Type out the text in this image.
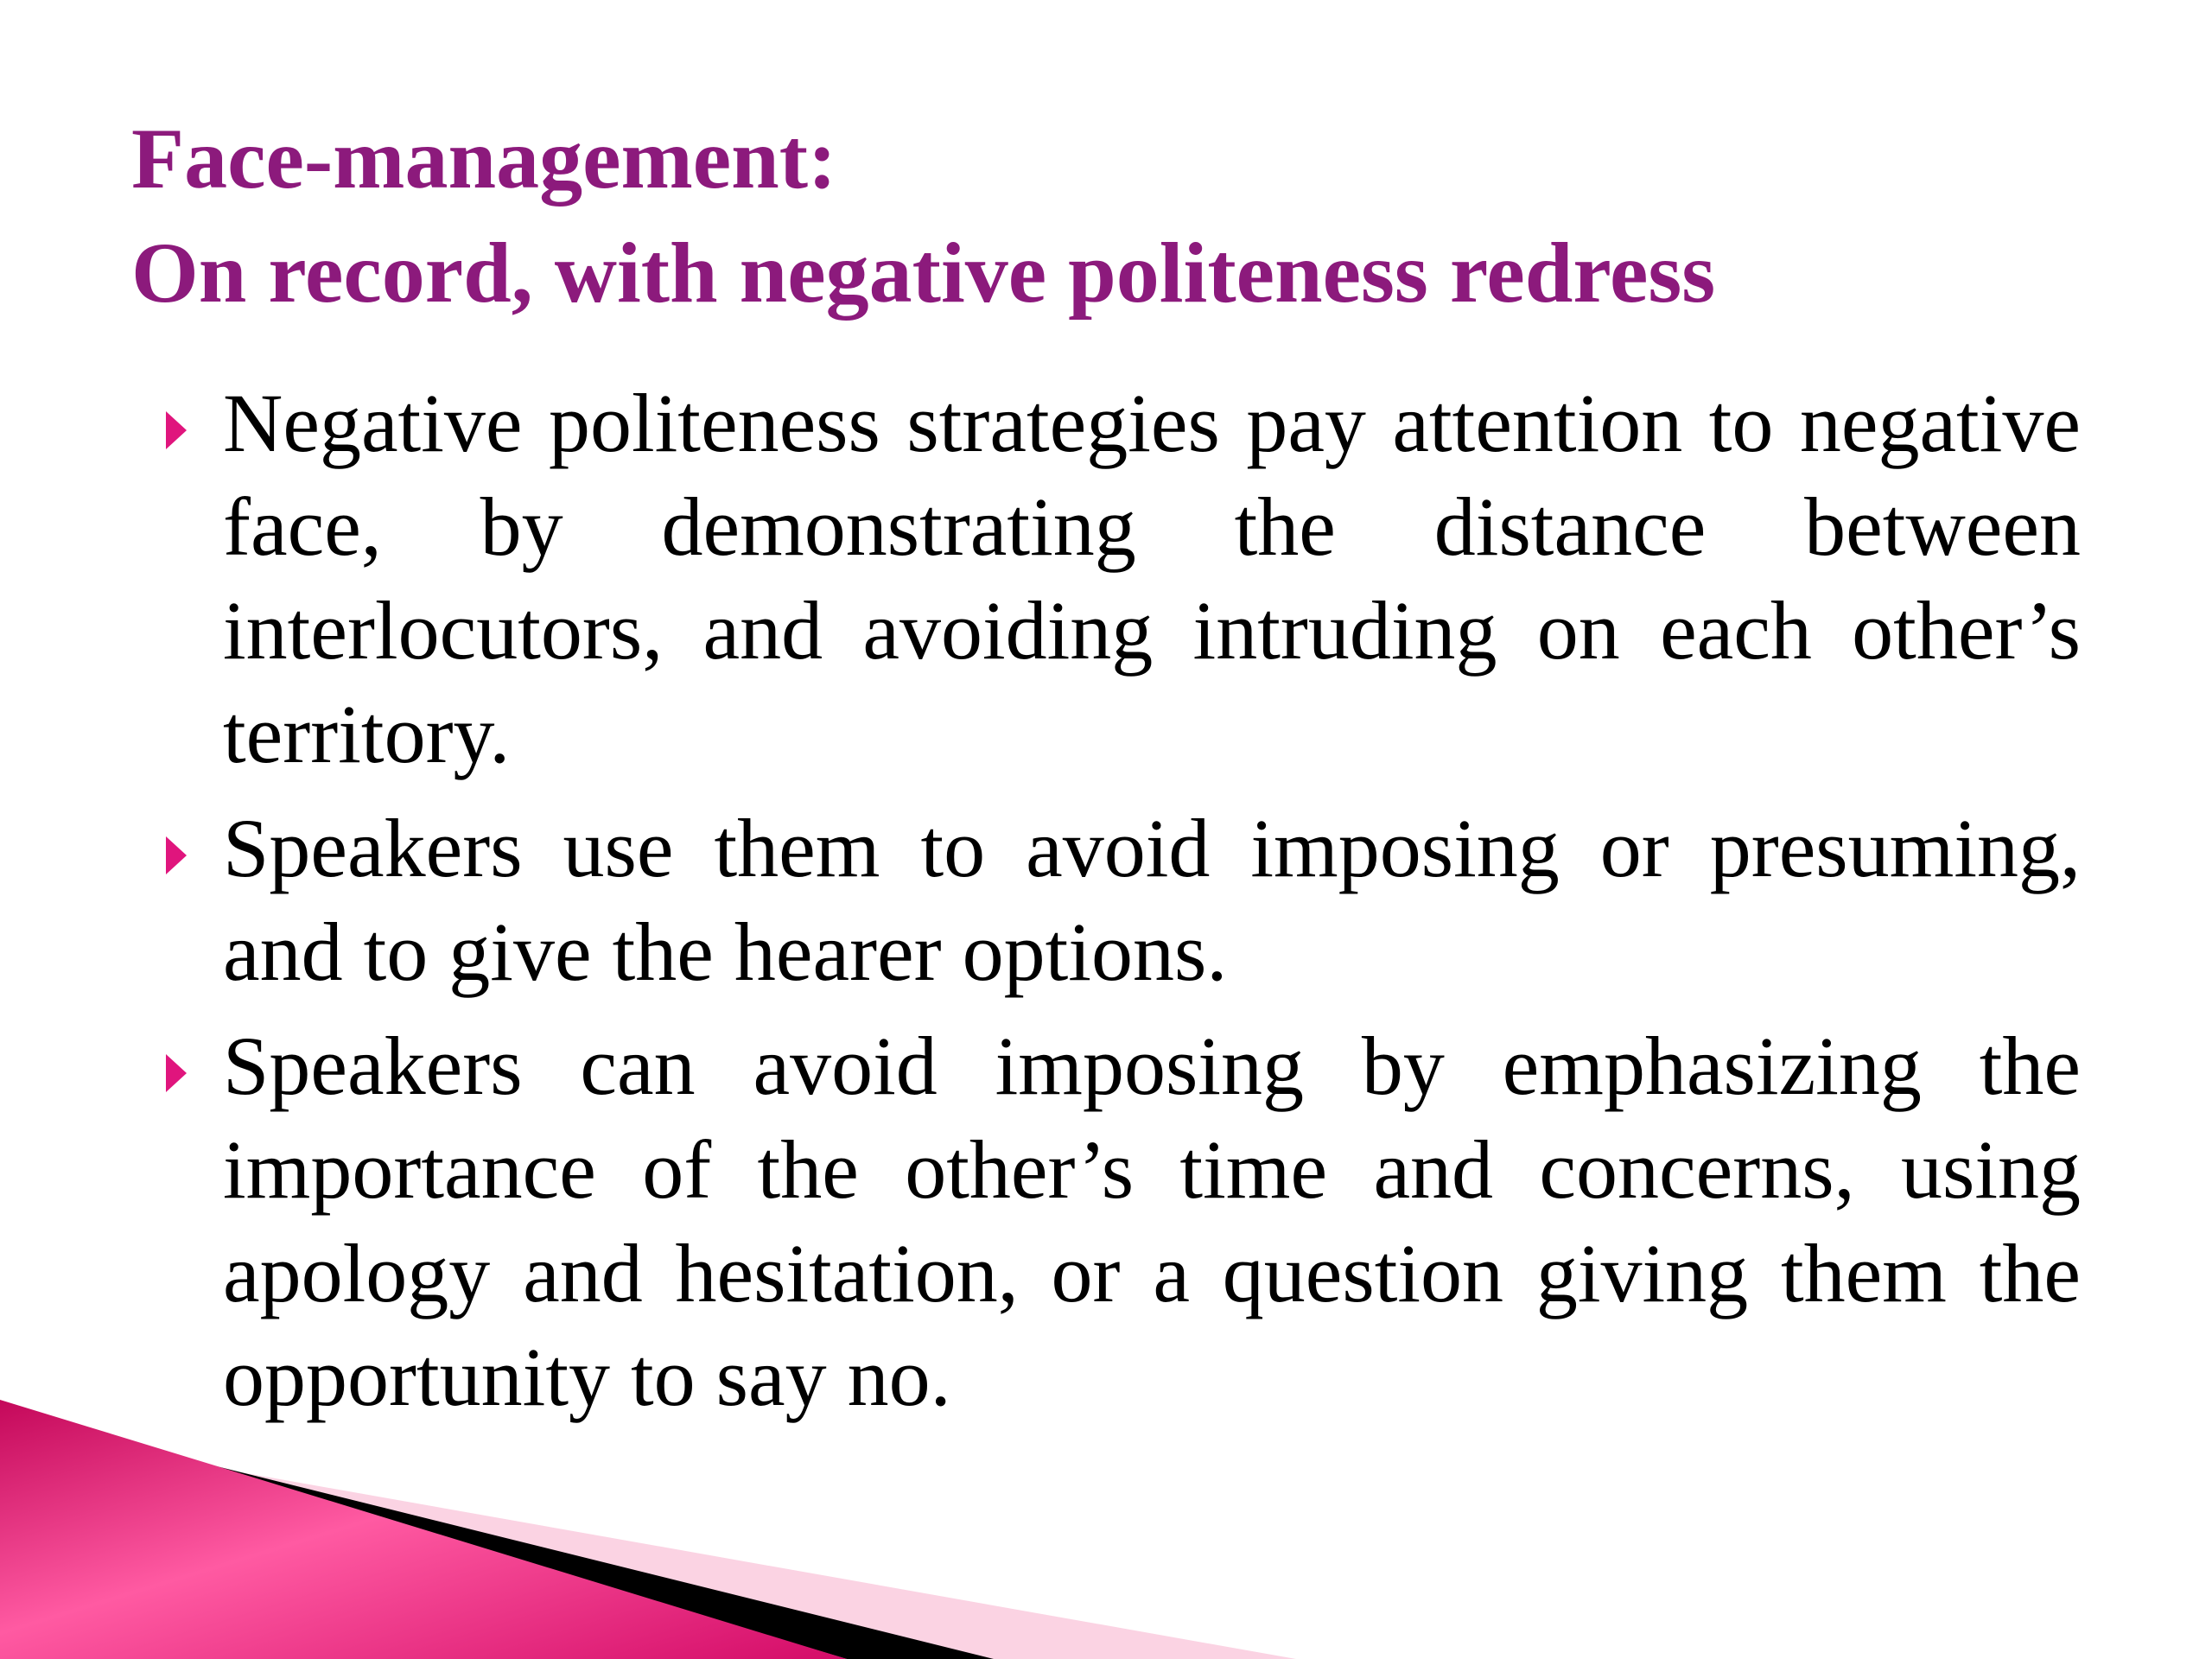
Face-management:
On record, with negative politeness redress
Negative politeness strategies pay attention to negative face, by demonstrating the distance between interlocutors, and avoiding intruding on each other’s territory.
Speakers use them to avoid imposing or presuming, and to give the hearer options.
Speakers can avoid imposing by emphasizing the importance of the other’s time and concerns, using apology and hesitation, or a question giving them the opportunity to say no.
